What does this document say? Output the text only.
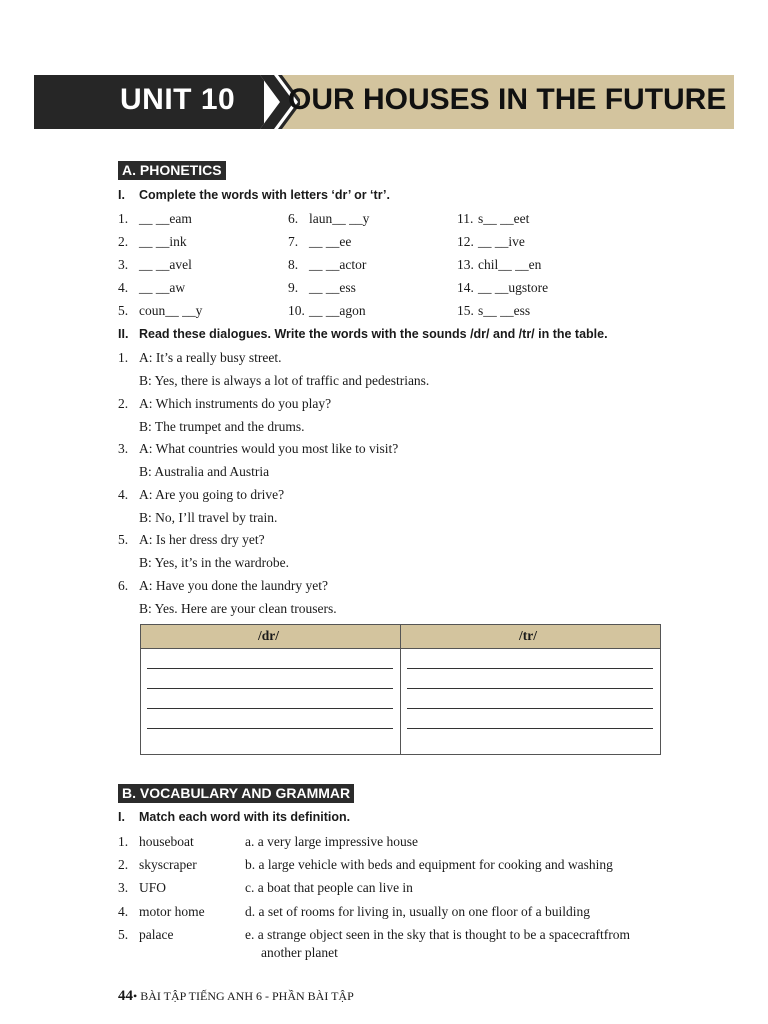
UNIT 10 OUR HOUSES IN THE FUTURE
A. PHONETICS
I. Complete the words with letters ‘dr’ or ‘tr’.
1. __ __eam	6. laun__ __y	11. s__ __eet
2. __ __ink	7. __ __ee	12. __ __ive
3. __ __avel	8. __ __actor	13. chil__ __en
4. __ __aw	9. __ __ess	14. __ __ugstore
5. coun__ __y	10. __ __agon	15. s__ __ess
II. Read these dialogues. Write the words with the sounds /dr/ and /tr/ in the table.
1. A: It’s a really busy street.
B: Yes, there is always a lot of traffic and pedestrians.
2. A: Which instruments do you play?
B: The trumpet and the drums.
3. A: What countries would you most like to visit?
B: Australia and Austria
4. A: Are you going to drive?
B: No, I’ll travel by train.
5. A: Is her dress dry yet?
B: Yes, it’s in the wardrobe.
6. A: Have you done the laundry yet?
B: Yes. Here are your clean trousers.
/dr/	/tr/
B. VOCABULARY AND GRAMMAR
I. Match each word with its definition.
1. houseboat	a. a very large impressive house
2. skyscraper	b. a large vehicle with beds and equipment for cooking and washing
3. UFO	c. a boat that people can live in
4. motor home	d. a set of rooms for living in, usually on one floor of a building
5. palace	e. a strange object seen in the sky that is thought to be a spacecraftfrom
another planet
44• BÀI TẬP TIẾNG ANH 6 - PHẦN BÀI TẬP
